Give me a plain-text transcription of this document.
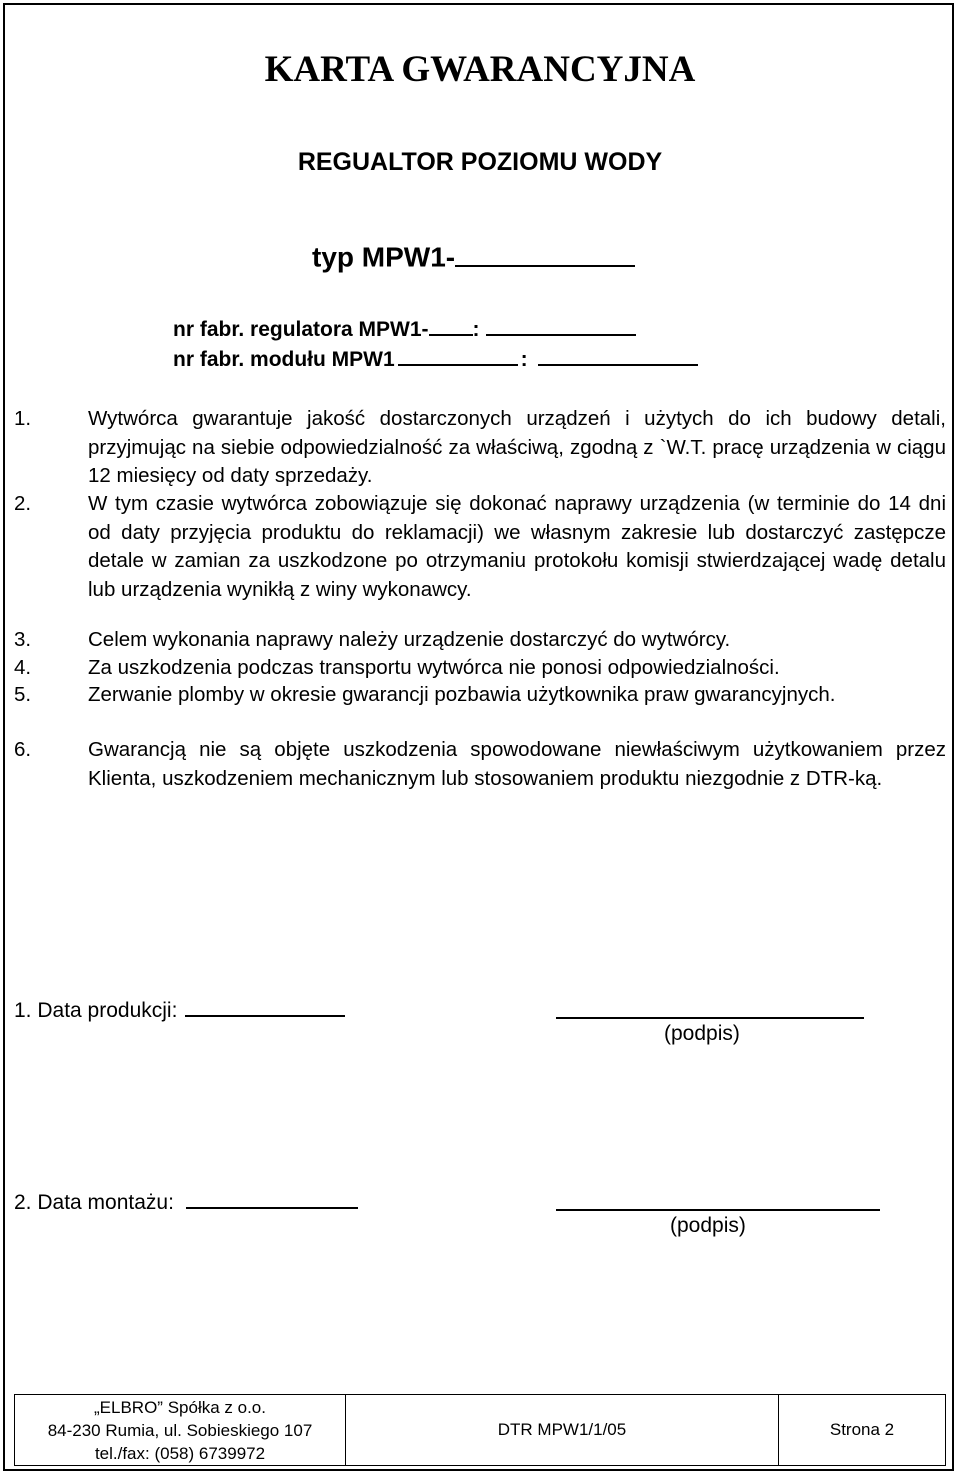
KARTA GWARANCYJNA
REGUALTOR POZIOMU WODY
typ MPW1-
nr fabr. regulatora MPW1- :
nr fabr. modułu MPW1	:
1.	Wytwórca gwarantuje jakość dostarczonych urządzeń i użytych do ich budowy detali, przyjmując na siebie odpowiedzialność za właściwą, zgodną z `W.T. pracę urządzenia w ciągu 12 miesięcy od daty sprzedaży.
2.	W tym czasie wytwórca zobowiązuje się dokonać naprawy urządzenia (w terminie do 14 dni od daty przyjęcia produktu do reklamacji) we własnym zakresie lub dostarczyć zastępcze detale w zamian za uszkodzone po otrzymaniu protokołu komisji stwierdzającej wadę detalu lub urządzenia wynikłą z winy wykonawcy.
3.	Celem wykonania naprawy należy urządzenie dostarczyć do wytwórcy.
4.	Za uszkodzenia podczas transportu wytwórca nie ponosi odpowiedzialności.
5.	Zerwanie plomby w okresie gwarancji pozbawia użytkownika praw gwarancyjnych.
6.	Gwarancją nie są objęte uszkodzenia spowodowane niewłaściwym użytkowaniem przez Klienta, uszkodzeniem mechanicznym lub stosowaniem produktu niezgodnie z DTR-ką.
1. Data produkcji:
(podpis)
2. Data montażu:
(podpis)
„ELBRO” Spółka z o.o.
84-230 Rumia, ul. Sobieskiego 107
tel./fax: (058) 6739972
	DTR MPW1/1/05	Strona 2
